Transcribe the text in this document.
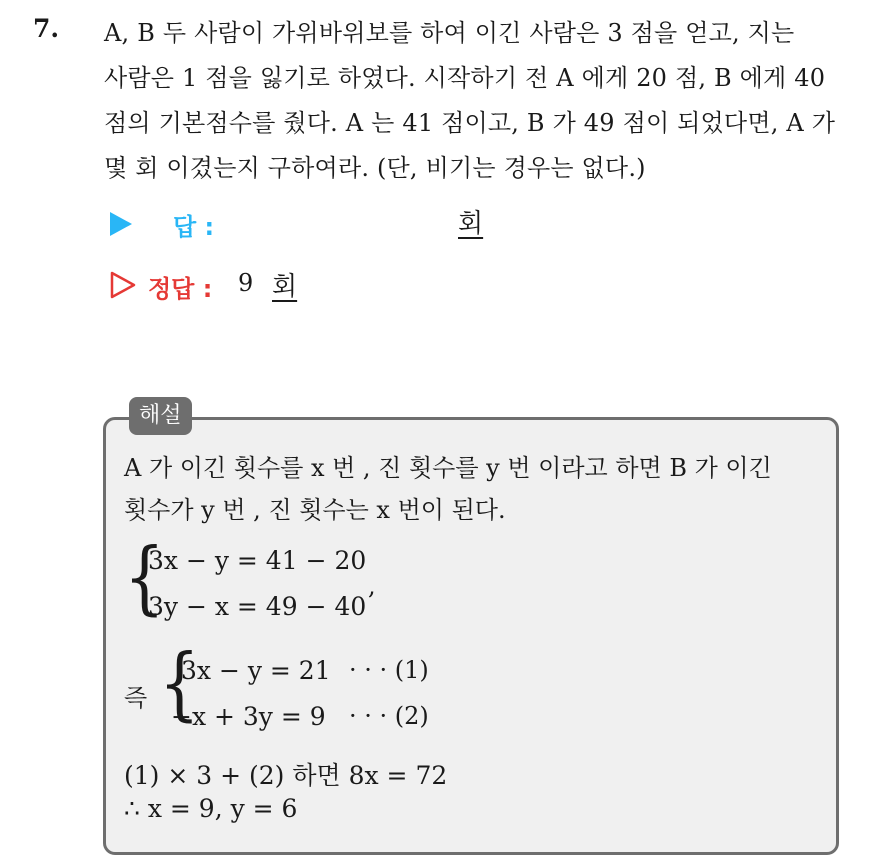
7. A, B 두 사람이 가위바위보를 하여 이긴 사람은 3 점을 얻고, 지는
사람은 1 점을 잃기로 하였다. 시작하기 전 A 에게 20 점, B 에게 40
점의 기본점수를 줬다. A 는 41 점이고, B 가 49 점이 되었다면, A 가
몇 회 이겼는지 구하여라. (단, 비기는 경우는 없다.)
답 :	회
정답 : 9 회
해설
A 가 이긴 횟수를 x 번 , 진 횟수를 y 번 이라고 하면 B 가 이긴
횟수가 y 번 , 진 횟수는 x 번이 된다.
{
3x − y = 41 − 20
3y − x = 49 − 40
,
즉 {
3x − y = 21
−x + 3y = 9
· · · (1)
· · · (2)
(1) × 3 + (2) 하면 8x = 72
∴ x = 9, y = 6
